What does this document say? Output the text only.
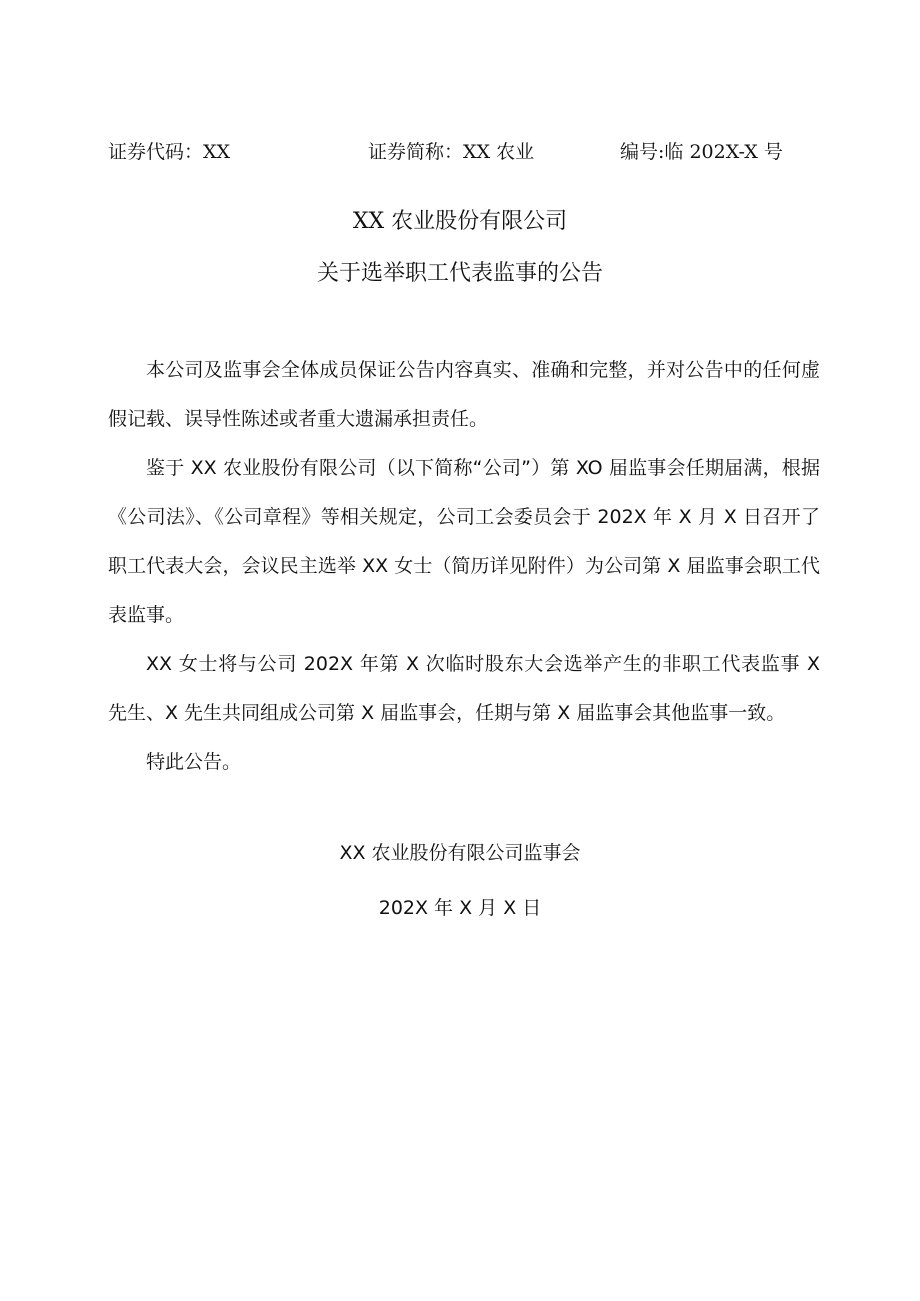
证券代码：XX	证券简称：XX 农业	编号:临 202X-X 号
XX 农业股份有限公司
关于选举职工代表监事的公告

本公司及监事会全体成员保证公告内容真实、准确和完整，并对公告中的任何虚假记载、误导性陈述或者重大遗漏承担责任。

鉴于 XX 农业股份有限公司（以下简称“公司”）第 XO 届监事会任期届满，根据《公司法》、《公司章程》等相关规定，公司工会委员会于 202X 年 X 月 X 日召开了职工代表大会，会议民主选举 XX 女士（简历详见附件）为公司第 X 届监事会职工代表监事。

XX 女士将与公司 202X 年第 X 次临时股东大会选举产生的非职工代表监事 X 先生、X 先生共同组成公司第 X 届监事会，任期与第 X 届监事会其他监事一致。

特此公告。

XX 农业股份有限公司监事会
202X 年 X 月 X 日
